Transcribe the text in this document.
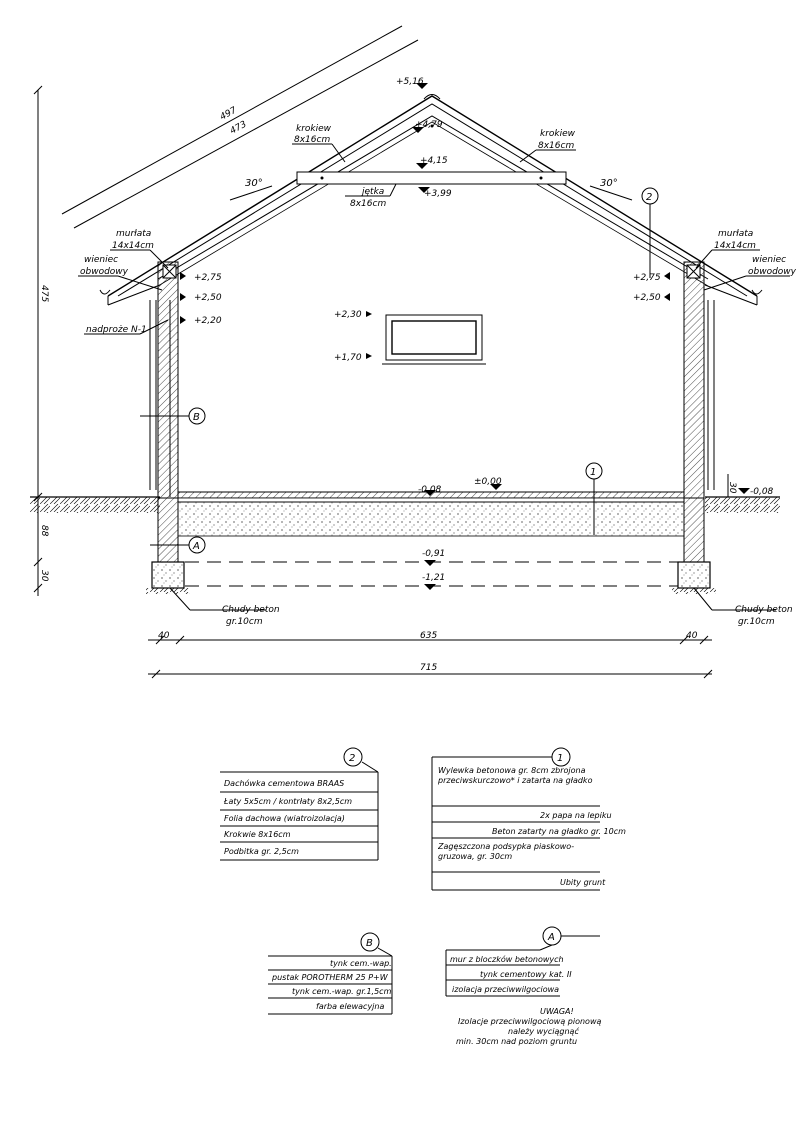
+5,16
+4,79
+4,15
+3,99
+2,75
+2,50
+2,20
+2,75
+2,50
+2,30
+1,70
±0,00
-0,08	-0,08
-0,91
-1,21
30°	30°
krokiew
8x16cm
krokiew
8x16cm
jętka
8x16cm
murłata
14x14cm
wieniec
obwodowy
nadproże N-1
murłata
14x14cm
wieniec
obwodowy
Chudy beton
gr.10cm
Chudy beton
gr.10cm
2
1
B
A
497
473
475
88
30
30
40	635	40
715
1
Wylewka betonowa gr. 8cm zbrojona przeciwskurczowo* i zatarta na gładko
2x papa na lepiku
Beton zatarty na gładko gr. 10cm
Zagęszczona podsypka piaskowo-gruzowa, gr. 30cm
Ubity grunt
2
Dachówka cementowa BRAAS
Łaty 5x5cm / kontrłaty 8x2,5cm
Folia dachowa (wiatroizolacja)
Krokwie 8x16cm
Podbitka gr. 2,5cm
A
mur z bloczków betonowych
tynk cementowy kat. II
izolacja przeciwwilgociowa
UWAGA!
Izolacje przeciwwilgociową pionową
należy wyciągnąć
min. 30cm nad poziom gruntu
B
tynk cem.-wap.
pustak POROTHERM 25 P+W
tynk cem.-wap. gr.1,5cm
farba elewacyjna
